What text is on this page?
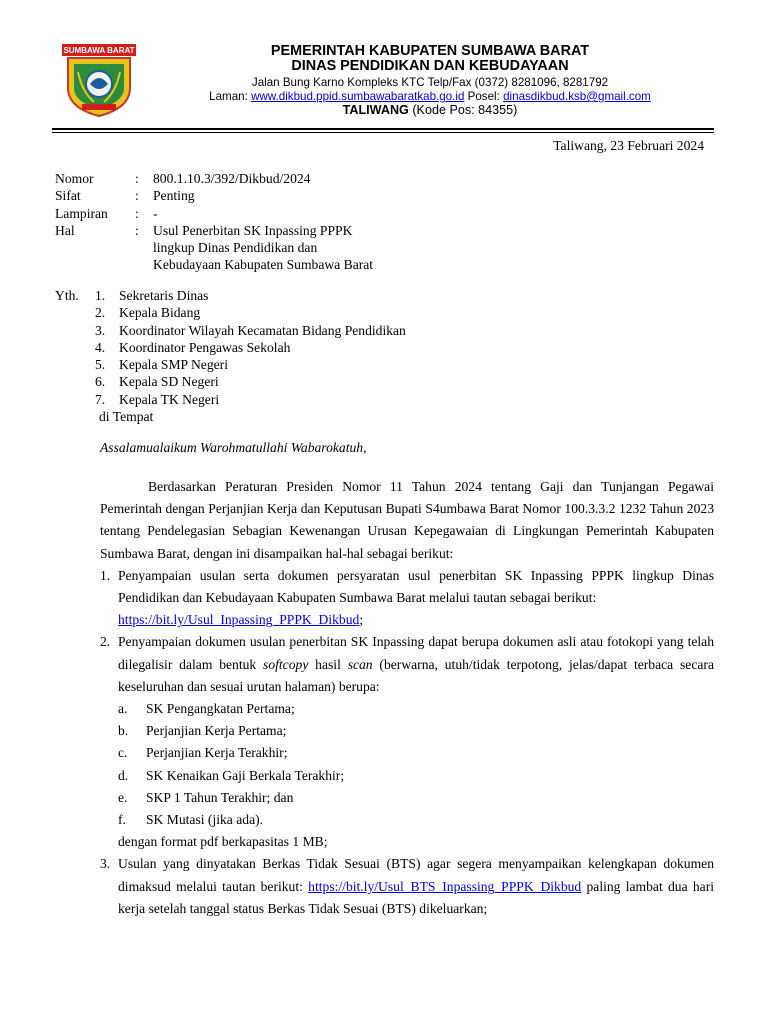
SUMBAWA BARAT	PEMERINTAH KABUPATEN SUMBAWA BARAT
DINAS PENDIDIKAN DAN KEBUDAYAAN
Jalan Bung Karno Kompleks KTC Telp/Fax (0372) 8281096, 8281792
Laman: www.dikbud.ppid.sumbawabaratkab.go.id Posel: dinasdikbud.ksb@gmail.com
TALIWANG (Kode Pos: 84355)
Taliwang, 23 Februari 2024
Nomor	:	800.1.10.3/392/Dikbud/2024
Sifat	:	Penting
Lampiran	:	-
Hal	:	Usul Penerbitan SK Inpassing PPPK
lingkup Dinas Pendidikan dan
Kebudayaan Kabupaten Sumbawa Barat
Yth.	1.	Sekretaris Dinas
2.	Kepala Bidang
3.	Koordinator Wilayah Kecamatan Bidang Pendidikan
4.	Koordinator Pengawas Sekolah
5.	Kepala SMP Negeri
6.	Kepala SD Negeri
7.	Kepala TK Negeri
di Tempat
Assalamualaikum Warohmatullahi Wabarokatuh,
Berdasarkan Peraturan Presiden Nomor 11 Tahun 2024 tentang Gaji dan Tunjangan Pegawai Pemerintah dengan Perjanjian Kerja dan Keputusan Bupati S4umbawa Barat Nomor 100.3.3.2 1232 Tahun 2023 tentang Pendelegasian Sebagian Kewenangan Urusan Kepegawaian di Lingkungan Pemerintah Kabupaten Sumbawa Barat, dengan ini disampaikan hal-hal sebagai berikut:
1. Penyampaian usulan serta dokumen persyaratan usul penerbitan SK Inpassing PPPK lingkup Dinas Pendidikan dan Kebudayaan Kabupaten Sumbawa Barat melalui tautan sebagai berikut:
https://bit.ly/Usul_Inpassing_PPPK_Dikbud;
2. Penyampaian dokumen usulan penerbitan SK Inpassing dapat berupa dokumen asli atau fotokopi yang telah dilegalisir dalam bentuk softcopy hasil scan (berwarna, utuh/tidak terpotong, jelas/dapat terbaca secara keseluruhan dan sesuai urutan halaman) berupa:
a.	SK Pengangkatan Pertama;
b.	Perjanjian Kerja Pertama;
c.	Perjanjian Kerja Terakhir;
d.	SK Kenaikan Gaji Berkala Terakhir;
e.	SKP 1 Tahun Terakhir; dan
f.	SK Mutasi (jika ada).
dengan format pdf berkapasitas 1 MB;
3. Usulan yang dinyatakan Berkas Tidak Sesuai (BTS) agar segera menyampaikan kelengkapan dokumen dimaksud melalui tautan berikut: https://bit.ly/Usul_BTS_Inpassing_PPPK_Dikbud paling lambat dua hari kerja setelah tanggal status Berkas Tidak Sesuai (BTS) dikeluarkan;
